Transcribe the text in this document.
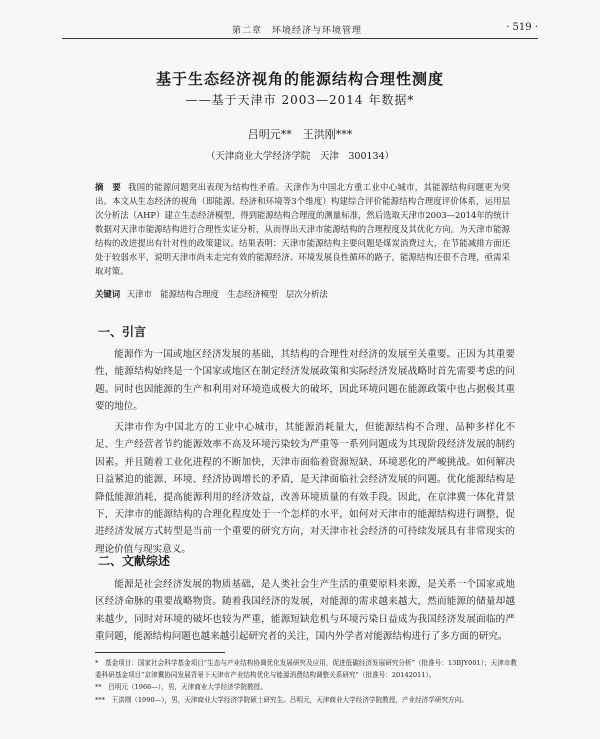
第二章　环境经济与环境管理	· 519 ·
基于生态经济视角的能源结构合理性测度
——基于天津市 2003—2014 年数据*
吕明元**　王洪刚***
（天津商业大学经济学院　天津　300134）
摘　要 我国的能源问题突出表现为结构性矛盾。天津作为中国北方重工业中心城市，其能源结构问题更为突出。本文从生态经济的视角（即能源、经济和环境等3个维度）构建综合评价能源结构合理度评价体系，运用层次分析法（AHP）建立生态经济模型，得到能源结构合理度的测量标准，然后选取天津市2003—2014年的统计数据对天津市能源结构进行合理性实证分析，从而得出天津市能源结构的合理程度及其优化方向。为天津市能源结构的改进提出有针对性的政策建议。结果表明：天津市能源结构主要问题是煤炭消费过大，在节能减排方面还处于较弱水平，说明天津市尚未走完有效的能源经济、环境发展良性循环的路子，能源结构还很不合理，亟需采取对策。
关键词 天津市　能源结构合理度　生态经济模型　层次分析法
一、引言

能源作为一国或地区经济发展的基础，其结构的合理性对经济的发展至关重要。正因为其重要性，能源结构始终是一个国家或地区在制定经济发展政策和实际经济发展战略时首先需要考虑的问题。同时也因能源的生产和利用对环境造成极大的破坏，因此环境问题在能源政策中也占据极其重要的地位。

天津市作为中国北方的工业中心城市，其能源消耗量大，但能源结构不合理、品种多样化不足、生产经营者节约能源效率不高及环境污染较为严重等一系列问题成为其现阶段经济发展的制约因素。并且随着工业化进程的不断加快，天津市面临着资源短缺、环境恶化的严峻挑战。如何解决日益紧迫的能源、环境、经济协调增长的矛盾，是天津面临社会经济发展的问题。优化能源结构是降低能源消耗，提高能源利用的经济效益，改善环境质量的有效手段。因此，在京津冀一体化背景下，天津市的能源结构的合理化程度处于一个怎样的水平，如何对天津市的能源结构进行调整，促进经济发展方式转型是当前一个重要的研究方向，对天津市社会经济的可持续发展具有非常现实的理论价值与现实意义。

二、文献综述

能源是社会经济发展的物质基础，是人类社会生产生活的重要原料来源，是关系一个国家或地区经济命脉的重要战略物资。随着我国经济的发展，对能源的需求越来越大，然而能源的储量却越来越少，同时对环境的破坏也较为严重，能源短缺危机与环境污染日益成为我国经济发展面临的严重问题，能源结构问题也越来越引起研究者的关注，国内外学者对能源结构进行了多方面的研究。

*　基金项目：国家社会科学基金项目“生态与产业结构协调优化发展研究及应用，促进低碳经济发展研究分析”（批准号：13BJY001）；天津市教委科研基金项目“京津冀协同发展背景下天津市产业结构优化与能源消费结构调整关系研究”（批准号：20142011）。

**　吕明元（1966—），男，天津商业大学经济学院教授。

***　王洪刚（1990—），男，天津商业大学经济学院硕士研究生。吕明元，天津商业大学经济学院教授，产业经济学研究方向。
